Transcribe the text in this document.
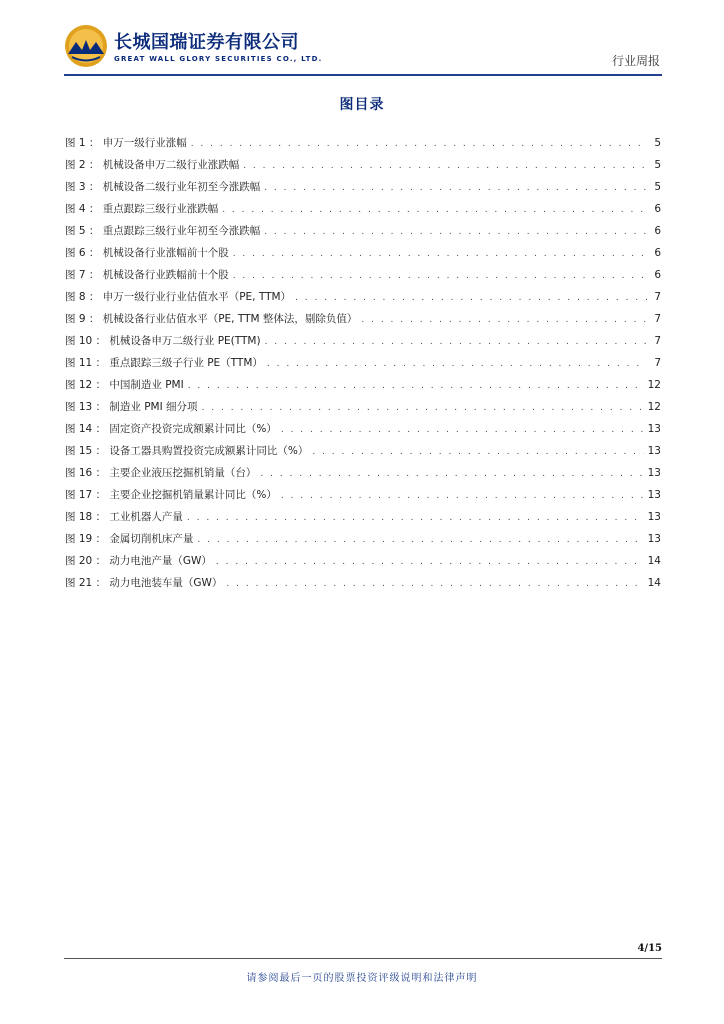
长城国瑞证券有限公司
GREAT WALL GLORY SECURITIES CO., LTD.	行业周报
图目录
图 1 ： 申万一级行业涨幅 . . .	5
图 2 ： 机械设备申万二级行业涨跌幅 . . .	5
图 3 ： 机械设备二级行业年初至今涨跌幅 . . .	5
图 4 ： 重点跟踪三级行业涨跌幅 . . .	6
图 5 ： 重点跟踪三级行业年初至今涨跌幅 . . .	6
图 6 ： 机械设备行业涨幅前十个股 . . .	6
图 7 ： 机械设备行业跌幅前十个股 . . .	6
图 8 ： 申万一级行业行业估值水平（PE, TTM） . . .	7
图 9 ： 机械设备行业估值水平（PE, TTM 整体法，剔除负值） . . .	7
图 10 ： 机械设备申万二级行业 PE(TTM) . . .	7
图 11 ： 重点跟踪三级子行业 PE（TTM） . . .	7
图 12 ： 中国制造业 PMI . . .	12
图 13 ： 制造业 PMI 细分项 . . .	12
图 14 ： 固定资产投资完成额累计同比（%） . . .	13
图 15 ： 设备工器具购置投资完成额累计同比（%） . . .	13
图 16 ： 主要企业液压挖掘机销量（台） . . .	13
图 17 ： 主要企业挖掘机销量累计同比（%） . . .	13
图 18 ： 工业机器人产量 . . .	13
图 19 ： 金属切削机床产量 . . .	13
图 20 ： 动力电池产量（GW） . . .	14
图 21 ： 动力电池装车量（GW） . . .	14
4/15
请参阅最后一页的股票投资评级说明和法律声明
